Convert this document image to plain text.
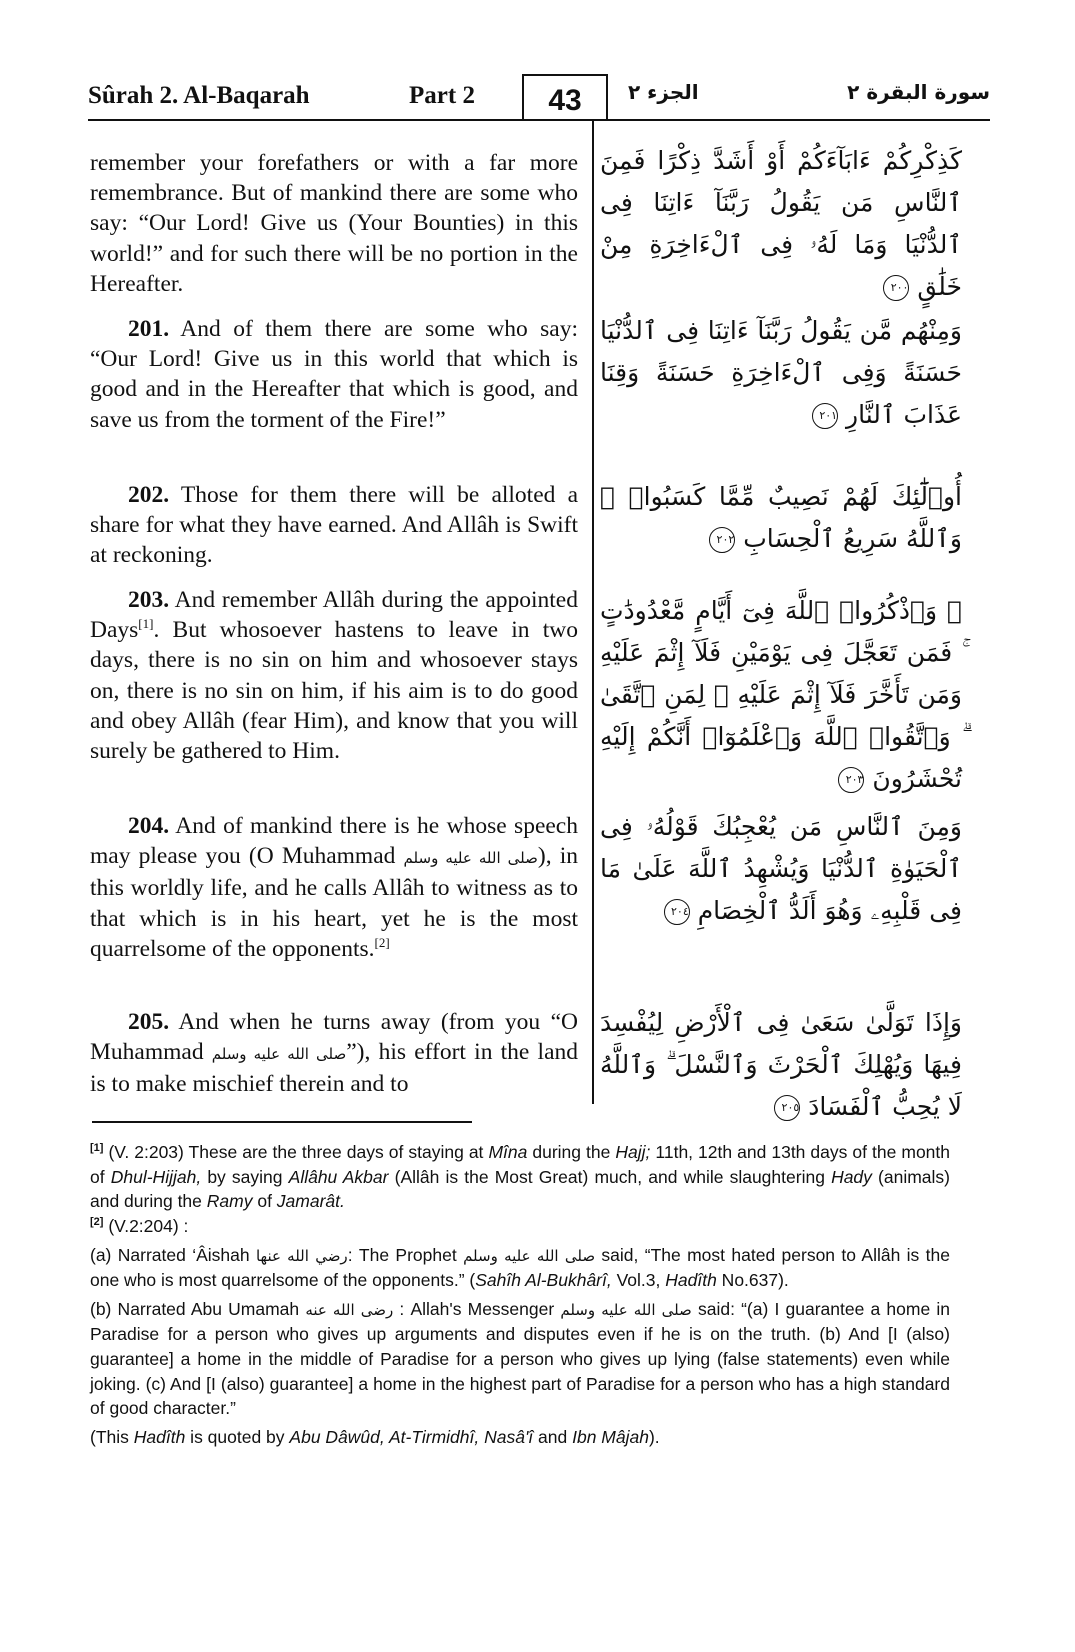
Sûrah 2. Al-Baqarah	Part 2	43	الجزء ٢	سورة البقرة ٢

remember your forefathers or with a far more remembrance. But of mankind there are some who say: “Our Lord! Give us (Your Bounties) in this world!” and for such there will be no portion in the Hereafter.

201. And of them there are some who say: “Our Lord! Give us in this world that which is good and in the Hereafter that which is good, and save us from the torment of the Fire!”

202. Those for them there will be alloted a share for what they have earned. And Allâh is Swift at reckoning.

203. And remember Allâh during the appointed Days[1]. But whosoever hastens to leave in two days, there is no sin on him and whosoever stays on, there is no sin on him, if his aim is to do good and obey Allâh (fear Him), and know that you will surely be gathered to Him.

204. And of mankind there is he whose speech may please you (O Muhammad صلى الله عليه وسلم), in this worldly life, and he calls Allâh to witness as to that which is in his heart, yet he is the most quarrelsome of the opponents.[2]

205. And when he turns away (from you “O Muhammad صلى الله عليه وسلم”), his effort in the land is to make mischief therein and to

كَذِكْرِكُمْ ءَابَآءَكُمْ أَوْ أَشَدَّ ذِكْرًا فَمِنَ ٱلنَّاسِ مَن يَقُولُ رَبَّنَآ ءَاتِنَا فِى ٱلدُّنْيَا وَمَا لَهُۥ فِى ٱلْءَاخِرَةِ مِنْ خَلَٰقٍ ٢٠٠
وَمِنْهُم مَّن يَقُولُ رَبَّنَآ ءَاتِنَا فِى ٱلدُّنْيَا حَسَنَةً وَفِى ٱلْءَاخِرَةِ حَسَنَةً وَقِنَا عَذَابَ ٱلنَّارِ ٢٠١
أُو۟لَٰٓئِكَ لَهُمْ نَصِيبٌ مِّمَّا كَسَبُوا۟ ۚ وَٱللَّهُ سَرِيعُ ٱلْحِسَابِ ٢٠٢
۞ وَٱذْكُرُوا۟ ٱللَّهَ فِىٓ أَيَّامٍ مَّعْدُودَٰتٍ ۚ فَمَن تَعَجَّلَ فِى يَوْمَيْنِ فَلَآ إِثْمَ عَلَيْهِ وَمَن تَأَخَّرَ فَلَآ إِثْمَ عَلَيْهِ ۚ لِمَنِ ٱتَّقَىٰ ۗ وَٱتَّقُوا۟ ٱللَّهَ وَٱعْلَمُوٓا۟ أَنَّكُمْ إِلَيْهِ تُحْشَرُونَ ٢٠٣
وَمِنَ ٱلنَّاسِ مَن يُعْجِبُكَ قَوْلُهُۥ فِى ٱلْحَيَوٰةِ ٱلدُّنْيَا وَيُشْهِدُ ٱللَّهَ عَلَىٰ مَا فِى قَلْبِهِۦ وَهُوَ أَلَدُّ ٱلْخِصَامِ ٢٠٤
وَإِذَا تَوَلَّىٰ سَعَىٰ فِى ٱلْأَرْضِ لِيُفْسِدَ فِيهَا وَيُهْلِكَ ٱلْحَرْثَ وَٱلنَّسْلَ ۗ وَٱللَّهُ لَا يُحِبُّ ٱلْفَسَادَ ٢٠٥

[1] (V. 2:203) These are the three days of staying at Mîna during the Hajj; 11th, 12th and 13th days of the month of Dhul-Hijjah, by saying Allâhu Akbar (Allâh is the Most Great) much, and while slaughtering Hady (animals) and during the Ramy of Jamarât.

[2] (V.2:204) :

(a) Narrated ‘Âishah رضي الله عنها: The Prophet صلى الله عليه وسلم said, “The most hated person to Allâh is the one who is most quarrelsome of the opponents.” (Sahîh Al-Bukhârî, Vol.3, Hadîth No.637).

(b) Narrated Abu Umamah رضى الله عنه : Allah's Messenger صلى الله عليه وسلم said: “(a) I guarantee a home in Paradise for a person who gives up arguments and disputes even if he is on the truth. (b) And [I (also) guarantee] a home in the middle of Paradise for a person who gives up lying (false statements) even while joking. (c) And [I (also) guarantee] a home in the highest part of Paradise for a person who has a high standard of good character.”

(This Hadîth is quoted by Abu Dâwûd, At-Tirmidhî, Nasâ'î and Ibn Mâjah).
